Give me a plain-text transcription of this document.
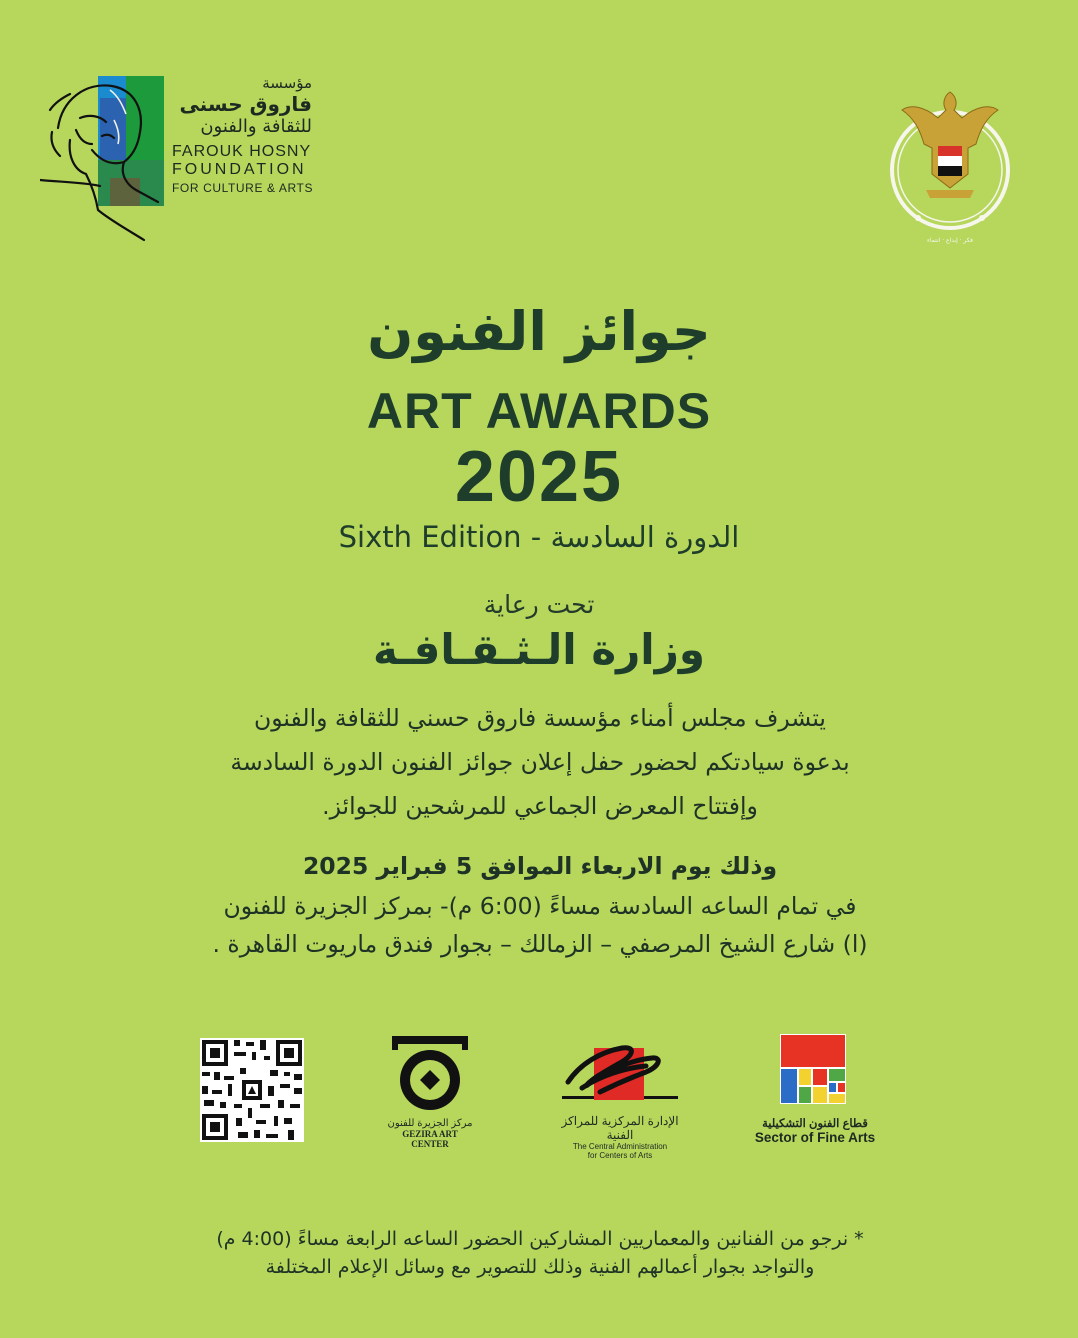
مؤسسة

فاروق حسنى

للثقافة والفنون

FAROUK HOSNY

FOUNDATION

FOR CULTURE & ARTS

فكر · إبداع · انتماء
جوائز الفنون
ART AWARDS
2025
Sixth Edition - الدورة السادسة
تحت رعاية
وزارة الـثـقـافـة
يتشرف مجلس أمناء مؤسسة فاروق حسني للثقافة والفنون
بدعوة سيادتكم لحضور حفل إعلان جوائز الفنون الدورة السادسة
وإفتتاح المعرض الجماعي للمرشحين للجوائز.
وذلك يوم الاربعاء الموافق 5 فبراير 2025
في تمام الساعه السادسة مساءً (6:00 م)- بمركز الجزيرة للفنون
(ا) شارع الشيخ المرصفي – الزمالك – بجوار فندق ماريوت القاهرة .

مركز الجزيرة للفنون

GEZIRA ART CENTER

الإدارة المركزية للمراكز الفنية

The Central Administration

for Centers of Arts

قطاع الفنون التشكيلية

Sector of Fine Arts

* نرجو من الفنانين والمعماريين المشاركين الحضور الساعه الرابعة مساءً (4:00 م)
والتواجد بجوار أعمالهم الفنية وذلك للتصوير مع وسائل الإعلام المختلفة
